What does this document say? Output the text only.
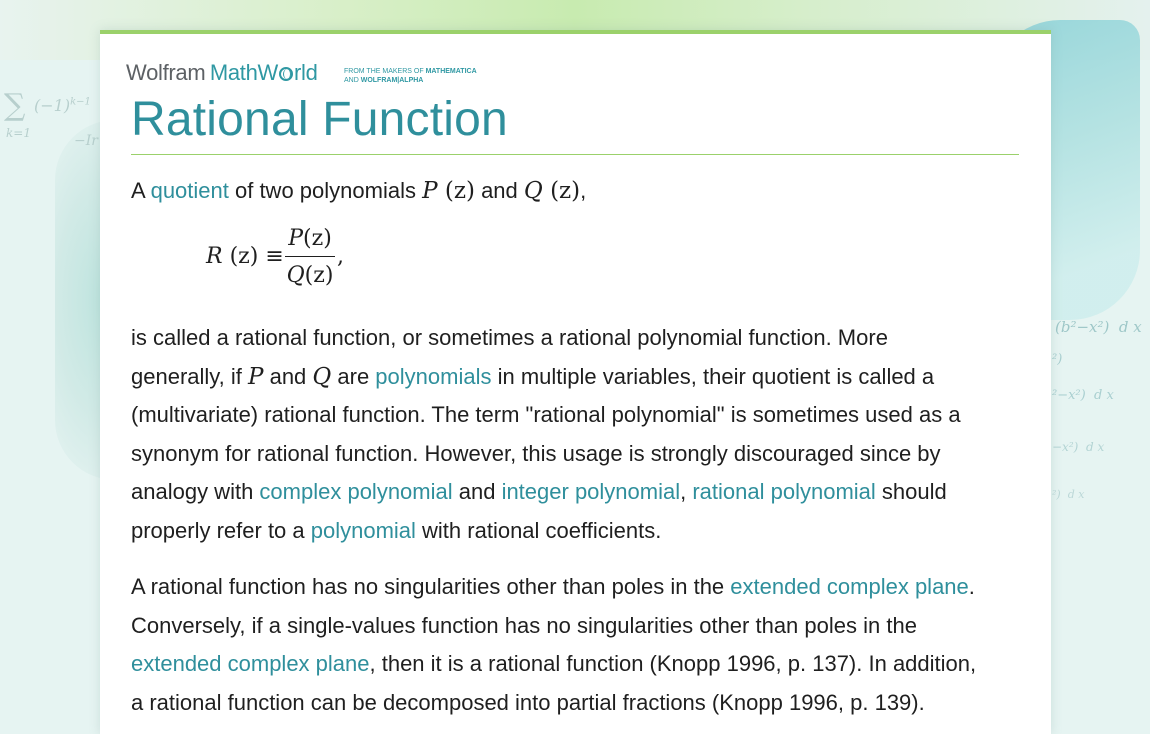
∑ $(-1)^{k-1}$
k=1	−Ir
(b²−x²)  d x
²)
²−x²)  d x
−x²)  d x
²)  d x
Wolfram MathW rld	FROM THE MAKERS OF MATHEMATICA
AND WOLFRAM|ALPHA
Rational Function
A quotient of two polynomials P (z) and Q (z),
R (z) ≡
P(z)
Q(z)
,
is called a rational function, or sometimes a rational polynomial function. More
generally, if P and Q are polynomials in multiple variables, their quotient is called a
(multivariate) rational function. The term "rational polynomial" is sometimes used as a
synonym for rational function. However, this usage is strongly discouraged since by
analogy with complex polynomial and integer polynomial, rational polynomial should
properly refer to a polynomial with rational coefficients.
A rational function has no singularities other than poles in the extended complex plane.
Conversely, if a single-values function has no singularities other than poles in the
extended complex plane, then it is a rational function (Knopp 1996, p. 137). In addition,
a rational function can be decomposed into partial fractions (Knopp 1996, p. 139).
